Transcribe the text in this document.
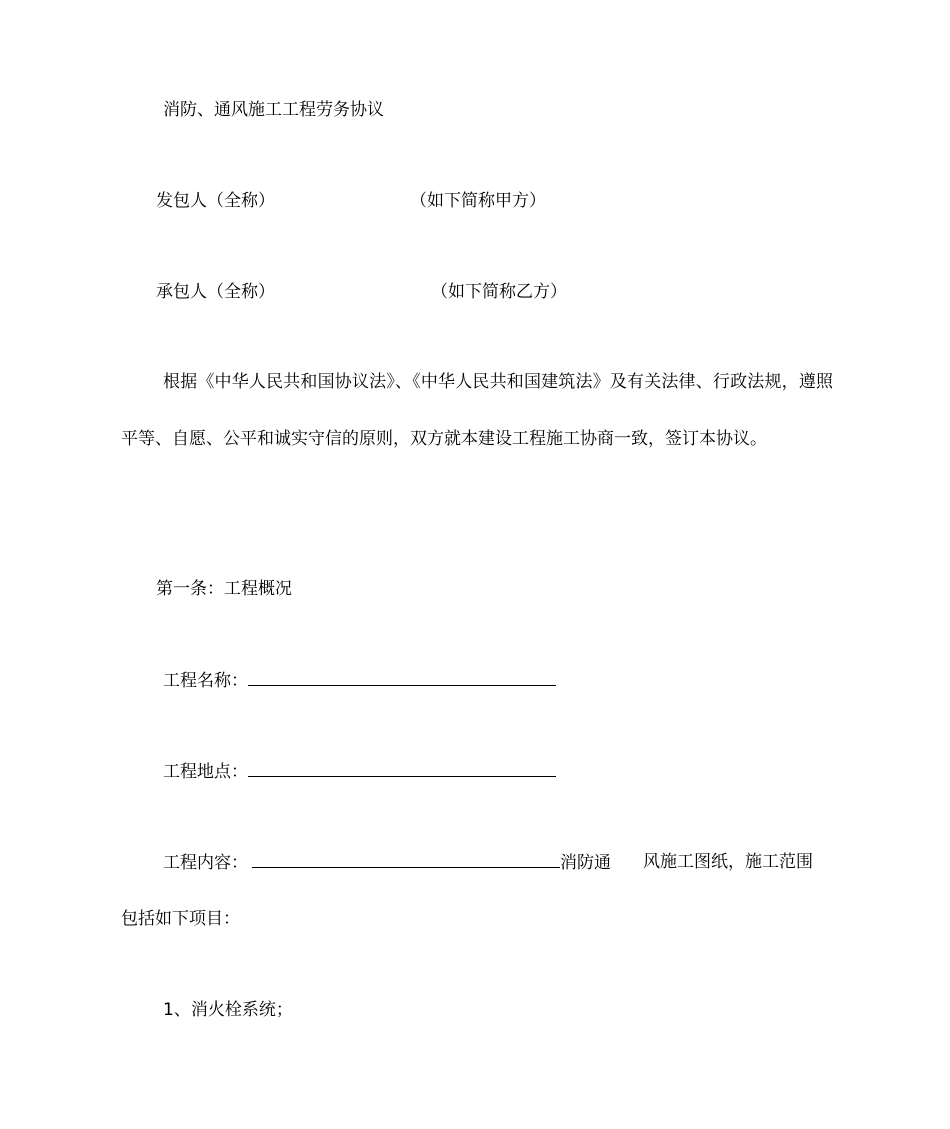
消防、通风施工工程劳务协议
发包人（全称）	（如下简称甲方）
承包人（全称）	（如下简称乙方）

根据《中华人民共和国协议法》、《中华人民共和国建筑法》及有关法律、行政法规，遵照平等、自愿、公平和诚实守信的原则，双方就本建设工程施工协商一致，签订本协议。

第一条：工程概况
工程名称：
工程地点：
工程内容：	消防通 风施工图纸，施工范围
包括如下项目：
1、消火栓系统；
